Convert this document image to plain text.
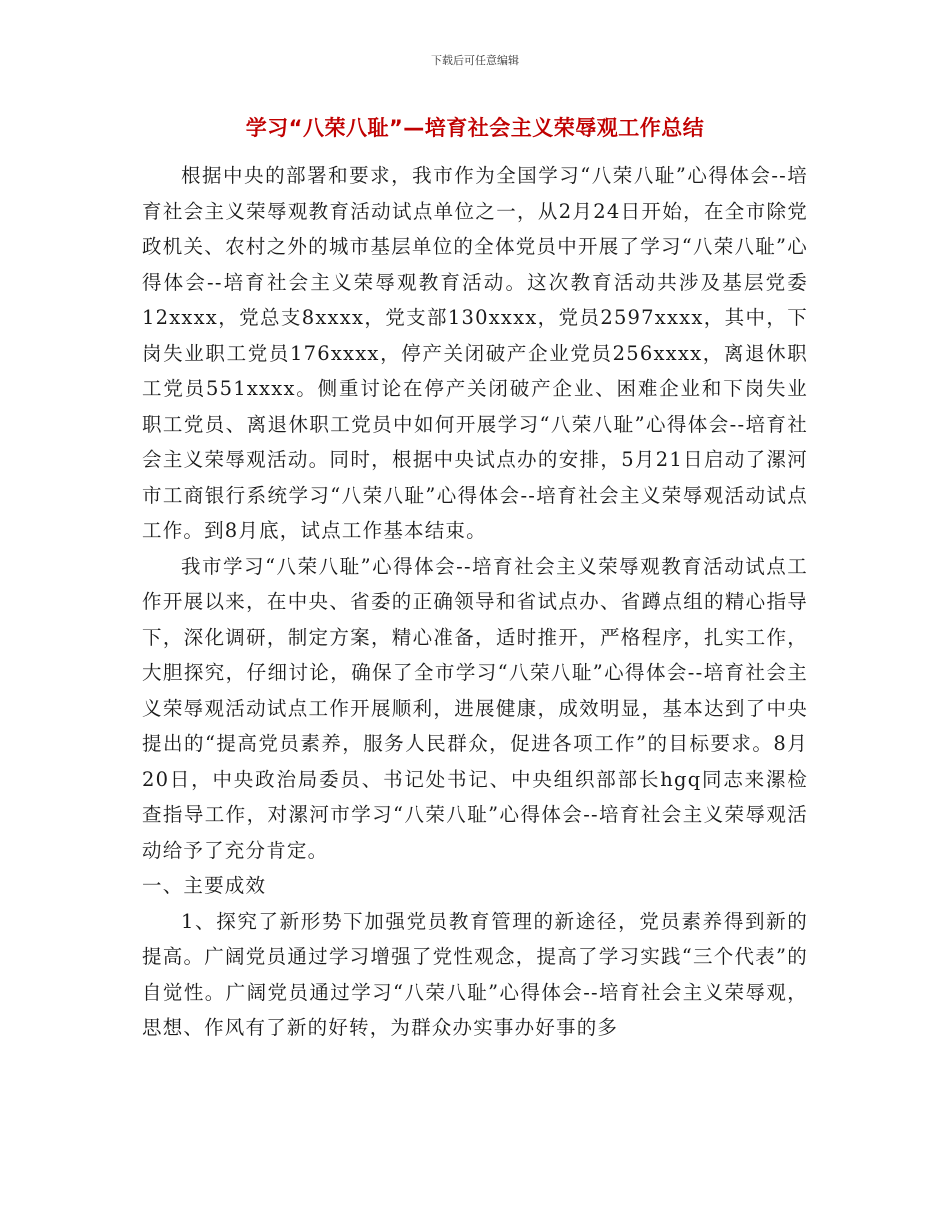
下载后可任意编辑
学习“八荣八耻”—培育社会主义荣辱观工作总结

根据中央的部署和要求，我市作为全国学习“八荣八耻”心得体会--培育社会主义荣辱观教育活动试点单位之一，从2月24日开始，在全市除党政机关、农村之外的城市基层单位的全体党员中开展了学习“八荣八耻”心得体会--培育社会主义荣辱观教育活动。这次教育活动共涉及基层党委12xxxx，党总支8xxxx，党支部130xxxx，党员2597xxxx，其中，下岗失业职工党员176xxxx，停产关闭破产企业党员256xxxx，离退休职工党员551xxxx。侧重讨论在停产关闭破产企业、困难企业和下岗失业职工党员、离退休职工党员中如何开展学习“八荣八耻”心得体会--培育社会主义荣辱观活动。同时，根据中央试点办的安排，5月21日启动了漯河市工商银行系统学习“八荣八耻”心得体会--培育社会主义荣辱观活动试点工作。到8月底，试点工作基本结束。

我市学习“八荣八耻”心得体会--培育社会主义荣辱观教育活动试点工作开展以来，在中央、省委的正确领导和省试点办、省蹲点组的精心指导下，深化调研，制定方案，精心准备，适时推开，严格程序，扎实工作，大胆探究，仔细讨论，确保了全市学习“八荣八耻”心得体会--培育社会主义荣辱观活动试点工作开展顺利，进展健康，成效明显，基本达到了中央提出的“提高党员素养，服务人民群众，促进各项工作”的目标要求。8月20日，中央政治局委员、书记处书记、中央组织部部长hgq同志来漯检查指导工作，对漯河市学习“八荣八耻”心得体会--培育社会主义荣辱观活动给予了充分肯定。

一、主要成效

1、探究了新形势下加强党员教育管理的新途径，党员素养得到新的提高。广阔党员通过学习增强了党性观念，提高了学习实践“三个代表”的自觉性。广阔党员通过学习“八荣八耻”心得体会--培育社会主义荣辱观，思想、作风有了新的好转，为群众办实事办好事的多
